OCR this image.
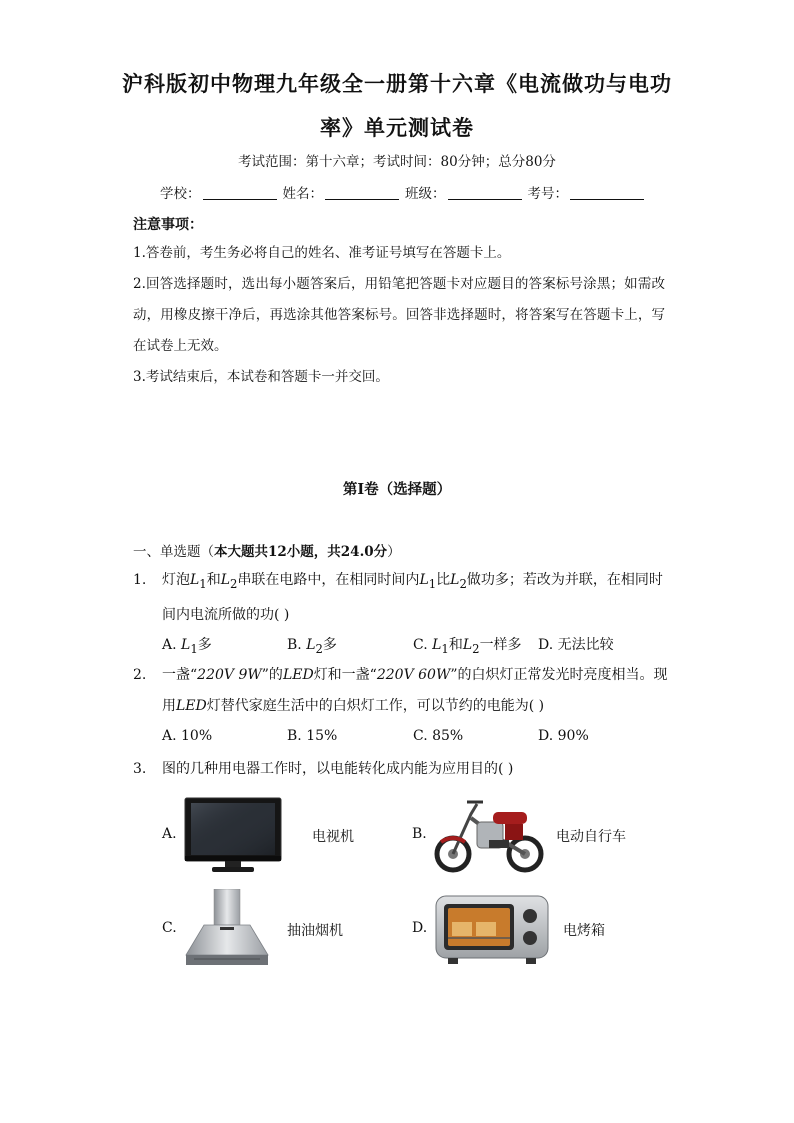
沪科版初中物理九年级全一册第十六章《电流做功与电功
率》单元测试卷
考试范围：第十六章；考试时间：80分钟；总分80分
学校：	姓名：	班级：	考号：
注意事项：
1.答卷前，考生务必将自己的姓名、准考证号填写在答题卡上。
2.回答选择题时，选出每小题答案后，用铅笔把答题卡对应题目的答案标号涂黑；如需改动，用橡皮擦干净后，再选涂其他答案标号。回答非选择题时，将答案写在答题卡上，写在试卷上无效。
3.考试结束后，本试卷和答题卡一并交回。
第I卷（选择题）
一、单选题（本大题共12小题，共24.0分）
1.	灯泡$L_1$和$L_2$串联在电路中，在相同时间内$L_1$比$L_2$做功多；若改为并联，在相同时间内电流所做的功( )
A. $L_1$多	B. $L_2$多	C. $L_1$和$L_2$一样多 D. 无法比较
2.	一盏“220V 9W”的LED灯和一盏“220V 60W”的白炽灯正常发光时亮度相当。现用LED灯替代家庭生活中的白炽灯工作，可以节约的电能为( )
A. 10%	B. 15%	C. 85%	D. 90%
3.	图的几种用电器工作时，以电能转化成内能为应用目的( )
A.	电视机	B.	电动自行车
C.	抽油烟机	D.	电烤箱
